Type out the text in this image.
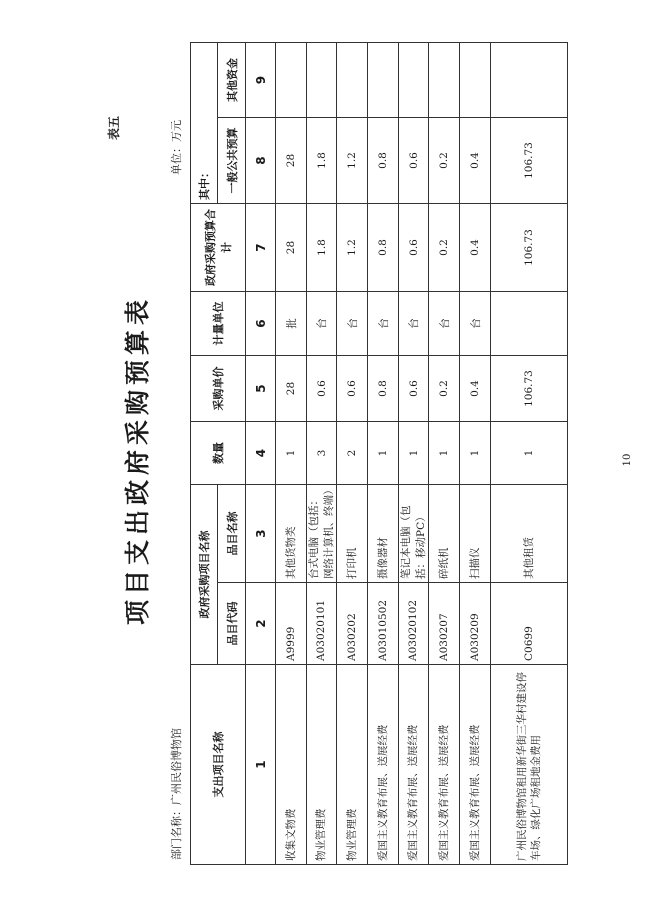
表五
项目支出政府采购预算表
部门名称：广州民俗博物馆
单位：万元
支出项目名称	政府采购项目名称		数量	采购单价	计量单位	政府采购预算合计	其中：	
	品目代码	品目名称					一般公共预算	其他资金
1	2	3	4	5	6	7	8	9
收集文物费	A9999	其他货物类	1	28	批	28	28	
物业管理费	A03020101	台式电脑（包括：网络计算机、终端）	3	0.6	台	1.8	1.8	
物业管理费	A030202	打印机	2	0.6	台	1.2	1.2	
爱国主义教育布展、送展经费	A03010502	摄像器材	1	0.8	台	0.8	0.8	
爱国主义教育布展、送展经费	A03020102	笔记本电脑（包括：移动PC）	1	0.6	台	0.6	0.6	
爱国主义教育布展、送展经费	A030207	碎纸机	1	0.2	台	0.2	0.2	
爱国主义教育布展、送展经费	A030209	扫描仪	1	0.4	台	0.4	0.4	
广州民俗博物馆租用新华街三华村建设停车场、绿化广场租地金费用	C0699	其他租赁	1	106.73		106.73	106.73	
10
